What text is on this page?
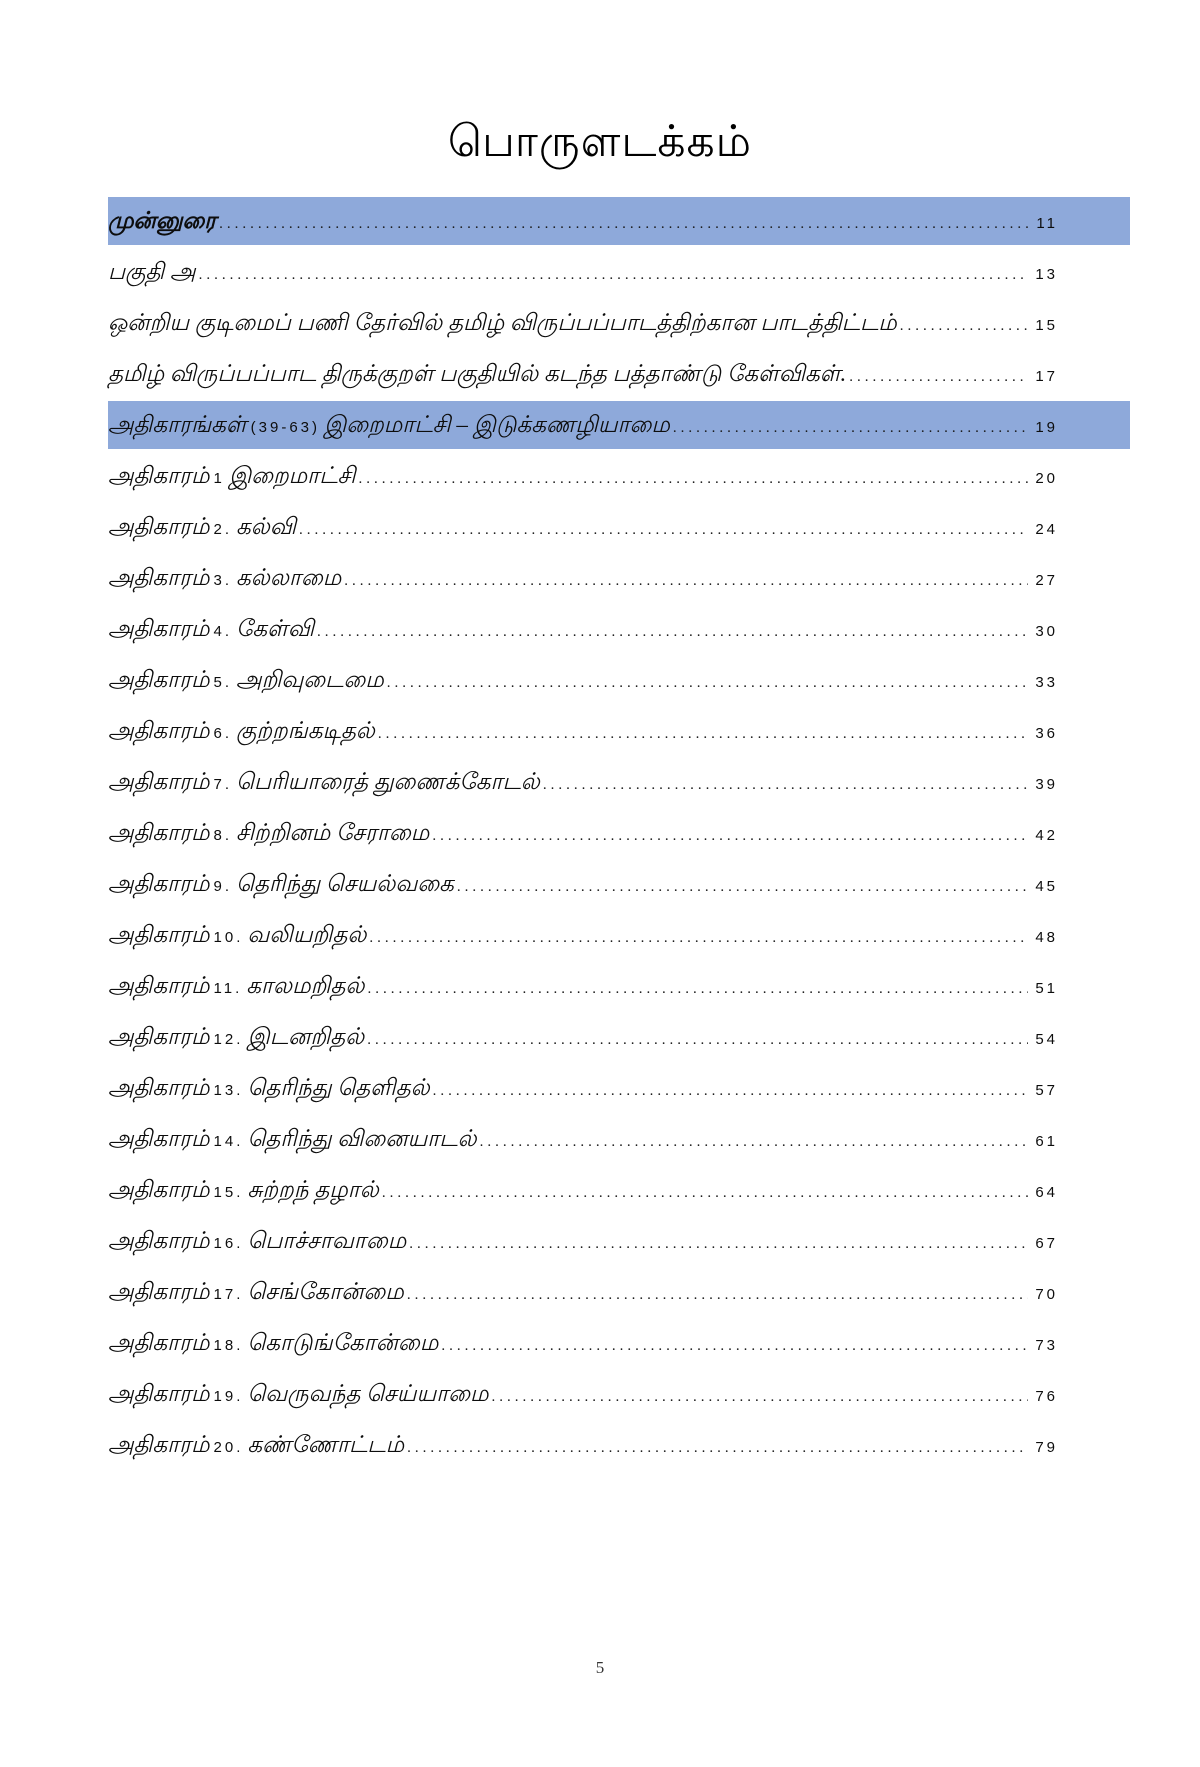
பொருளடக்கம்
முன்னுரை .....	11
பகுதி அ .....	13
ஒன்றிய குடிமைப் பணி தேர்வில் தமிழ் விருப்பப்பாடத்திற்கான பாடத்திட்டம் .....	15
தமிழ் விருப்பப்பாட திருக்குறள் பகுதியில் கடந்த பத்தாண்டு கேள்விகள். .....	17
அதிகாரங்கள் (39-63) இறைமாட்சி – இடுக்கணழியாமை .....	19
அதிகாரம் 1 இறைமாட்சி .....	20
அதிகாரம் 2. கல்வி .....	24
அதிகாரம் 3. கல்லாமை .....	27
அதிகாரம் 4. கேள்வி .....	30
அதிகாரம் 5. அறிவுடைமை .....	33
அதிகாரம் 6. குற்றங்கடிதல் .....	36
அதிகாரம் 7. பெரியாரைத் துணைக்கோடல் .....	39
அதிகாரம் 8. சிற்றினம் சேராமை .....	42
அதிகாரம் 9. தெரிந்து செயல்வகை .....	45
அதிகாரம் 10. வலியறிதல் .....	48
அதிகாரம் 11. காலமறிதல் .....	51
அதிகாரம் 12. இடனறிதல் .....	54
அதிகாரம் 13. தெரிந்து தெளிதல் .....	57
அதிகாரம் 14. தெரிந்து வினையாடல் .....	61
அதிகாரம் 15. சுற்றந் தழால் .....	64
அதிகாரம் 16. பொச்சாவாமை .....	67
அதிகாரம் 17. செங்கோன்மை .....	70
அதிகாரம் 18. கொடுங்கோன்மை .....	73
அதிகாரம் 19. வெருவந்த செய்யாமை .....	76
அதிகாரம் 20. கண்ணோட்டம் .....	79
5
